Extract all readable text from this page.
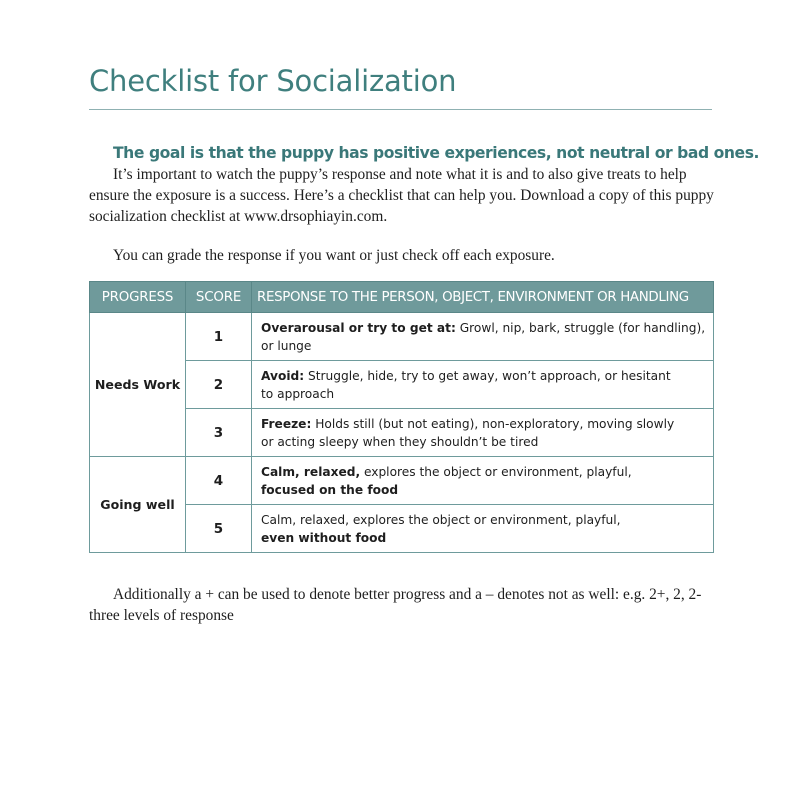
Checklist for Socialization

The goal is that the puppy has positive experiences, not neutral or bad ones.

It’s important to watch the puppy’s response and note what it is and to also give treats to help ensure the exposure is a success. Here’s a checklist that can help you. Download a copy of this puppy socialization checklist at www.drsophiayin.com.

You can grade the response if you want or just check off each exposure.

PROGRESS	SCORE	RESPONSE TO THE PERSON, OBJECT, ENVIRONMENT OR HANDLING
Needs Work	1	Overarousal or try to get at: Growl, nip, bark, struggle (for handling),
or lunge
	2	Avoid: Struggle, hide, try to get away, won’t approach, or hesitant
to approach
	3	Freeze: Holds still (but not eating), non-exploratory, moving slowly
or acting sleepy when they shouldn’t be tired
Going well	4	Calm, relaxed, explores the object or environment, playful,
focused on the food
	5	Calm, relaxed, explores the object or environment, playful,
even without food

Additionally a + can be used to denote better progress and a – denotes not as well: e.g. 2+, 2, 2- three levels of response
